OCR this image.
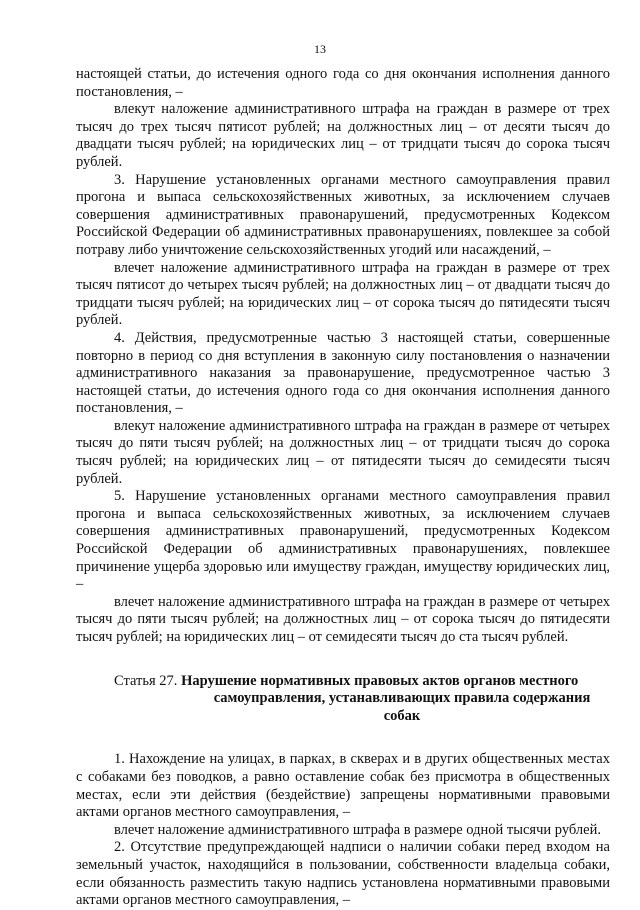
13

настоящей статьи, до истечения одного года со дня окончания исполнения данного постановления, –

влекут наложение административного штрафа на граждан в размере от трех тысяч до трех тысяч пятисот рублей; на должностных лиц – от десяти тысяч до двадцати тысяч рублей; на юридических лиц – от тридцати тысяч до сорока тысяч рублей.

3. Нарушение установленных органами местного самоуправления правил прогона и выпаса сельскохозяйственных животных, за исключением случаев совершения административных правонарушений, предусмотренных Кодексом Российской Федерации об административных правонарушениях, повлекшее за собой потраву либо уничтожение сельскохозяйственных угодий или насаждений, –

влечет наложение административного штрафа на граждан в размере от трех тысяч пятисот до четырех тысяч рублей; на должностных лиц – от двадцати тысяч до тридцати тысяч рублей; на юридических лиц – от сорока тысяч до пятидесяти тысяч рублей.

4. Действия, предусмотренные частью 3 настоящей статьи, совершенные повторно в период со дня вступления в законную силу постановления о назначении административного наказания за правонарушение, предусмотренное частью 3 настоящей статьи, до истечения одного года со дня окончания исполнения данного постановления, –

влекут наложение административного штрафа на граждан в размере от четырех тысяч до пяти тысяч рублей; на должностных лиц – от тридцати тысяч до сорока тысяч рублей; на юридических лиц – от пятидесяти тысяч до семидесяти тысяч рублей.

5. Нарушение установленных органами местного самоуправления правил прогона и выпаса сельскохозяйственных животных, за исключением случаев совершения административных правонарушений, предусмотренных Кодексом Российской Федерации об административных правонарушениях, повлекшее причинение ущерба здоровью или имуществу граждан, имуществу юридических лиц, –

влечет наложение административного штрафа на граждан в размере от четырех тысяч до пяти тысяч рублей; на должностных лиц – от сорока тысяч до пятидесяти тысяч рублей; на юридических лиц – от семидесяти тысяч до ста тысяч рублей.

Статья 27. Нарушение нормативных правовых актов органов местного
самоуправления, устанавливающих правила содержания собак

1. Нахождение на улицах, в парках, в скверах и в других общественных местах с собаками без поводков, а равно оставление собак без присмотра в общественных местах, если эти действия (бездействие) запрещены нормативными правовыми актами органов местного самоуправления, –

влечет наложение административного штрафа в размере одной тысячи рублей.

2. Отсутствие предупреждающей надписи о наличии собаки перед входом на земельный участок, находящийся в пользовании, собственности владельца собаки, если обязанность разместить такую надпись установлена нормативными правовыми актами органов местного самоуправления, –
